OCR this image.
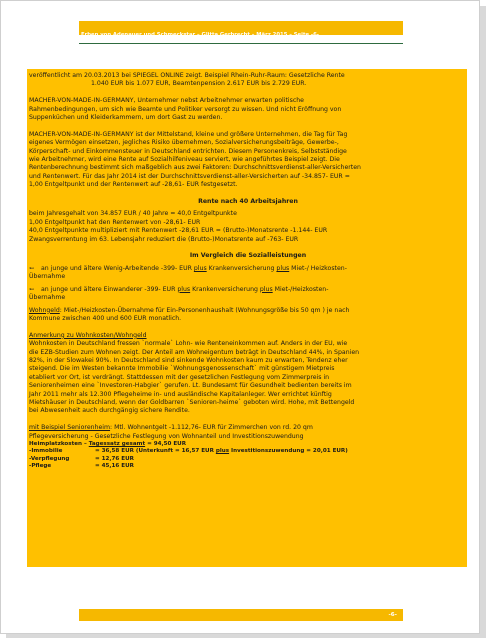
Erben von Adenauer und Schmeckstar – Glitta Gerbrecht – März 2015 – Seite -6-

veröffentlicht am 20.03.2013 bei SPIEGEL ONLINE zeigt. Beispiel Rhein-Ruhr-Raum: Gesetzliche Rente

1.040 EUR bis 1.077 EUR, Beamtenpension 2.617 EUR bis 2.729 EUR.

MACHER-VON-MADE-IN-GERMANY, Unternehmer nebst Arbeitnehmer erwarten politische

Rahmenbedingungen, um sich wie Beamte und Politiker versorgt zu wissen. Und nicht Eröffnung von

Suppenküchen und Kleiderkammern, um dort Gast zu werden.

MACHER-VON-MADE-IN-GERMANY ist der Mittelstand, kleine und größere Unternehmen, die Tag für Tag

eigenes Vermögen einsetzen, jegliches Risiko übernehmen, Sozialversicherungsbeiträge, Gewerbe-,

Körperschaft- und Einkommensteuer in Deutschland entrichten. Diesem Personenkreis, Selbstständige

wie Arbeitnehmer, wird eine Rente auf Sozialhilfeniveau serviert, wie angeführtes Beispiel zeigt. Die

Rentenberechnung bestimmt sich maßgeblich aus zwei Faktoren: Durchschnittsverdienst-aller-Versicherten

und Rentenwert. Für das Jahr 2014 ist der Durchschnittsverdienst-aller-Versicherten auf -34.857- EUR =

1,00 Entgeltpunkt und der Rentenwert auf -28,61- EUR festgesetzt.

Rente nach 40 Arbeitsjahren

beim Jahresgehalt von 34.857 EUR / 40 Jahre = 40,0 Entgeltpunkte

1,00 Entgeltpunkt hat den Rentenwert von -28,61- EUR

40,0 Entgeltpunkte multipliziert mit Rentenwert -28,61 EUR = (Brutto-)Monatsrente -1.144- EUR

Zwangsverrentung im 63. Lebensjahr reduziert die (Brutto-)Monatsrente auf -763- EUR

Im Vergleich die Sozialleistungen

➳ an junge und ältere Wenig-Arbeitende -399- EUR plus Krankenversicherung plus Miet-/ Heizkosten-

Übernahme

➳ an junge und ältere Einwanderer -399- EUR plus Krankenversicherung plus Miet-/Heizkosten-

Übernahme

Wohngeld: Miet-/Heizkosten-Übernahme für Ein-Personenhaushalt (Wohnungsgröße bis 50 qm ) je nach

Kommune zwischen 400 und 600 EUR monatlich.

Anmerkung zu Wohnkosten/Wohngeld

Wohnkosten in Deutschland fressen `normale` Lohn- wie Renteneinkommen auf. Anders in der EU, wie

die EZB-Studien zum Wohnen zeigt. Der Anteil am Wohneigentum beträgt in Deutschland 44%, in Spanien

82%, in der Slowakei 90%. In Deutschland sind sinkende Wohnkosten kaum zu erwarten, Tendenz eher

steigend. Die im Westen bekannte Immobilie `Wohnungsgenossenschaft` mit günstigem Mietpreis

etabliert vor Ort, ist verdrängt. Stattdessen mit der gesetzlichen Festlegung vom Zimmerpreis in

Seniorenheimen eine `Investoren-Habgier` gerufen. Lt. Bundesamt für Gesundheit bedienten bereits im

Jahr 2011 mehr als 12.300 Pflegeheime in- und ausländische Kapitalanleger. Wer errichtet künftig

Mietshäuser in Deutschland, wenn der Goldbarren `Senioren-heime` geboten wird. Hohe, mit Bettengeld

bei Abwesenheit auch durchgängig sichere Rendite.

mit Beispiel Seniorenheim: Mtl. Wohnentgelt -1.112,76- EUR für Zimmerchen von rd. 20 qm

Pflegeversicherung - Gesetzliche Festlegung von Wohnanteil und Investitionszuwendung

Heimplatzkosten – Tagessatz gesamt = 94,50 EUR

-Immobilie	= 36,58 EUR (Unterkunft = 16,57 EUR plus Investitionszuwendung = 20,01 EUR)
-Verpflegung	= 12,76 EUR
-Pflege	= 45,16 EUR
-6-
